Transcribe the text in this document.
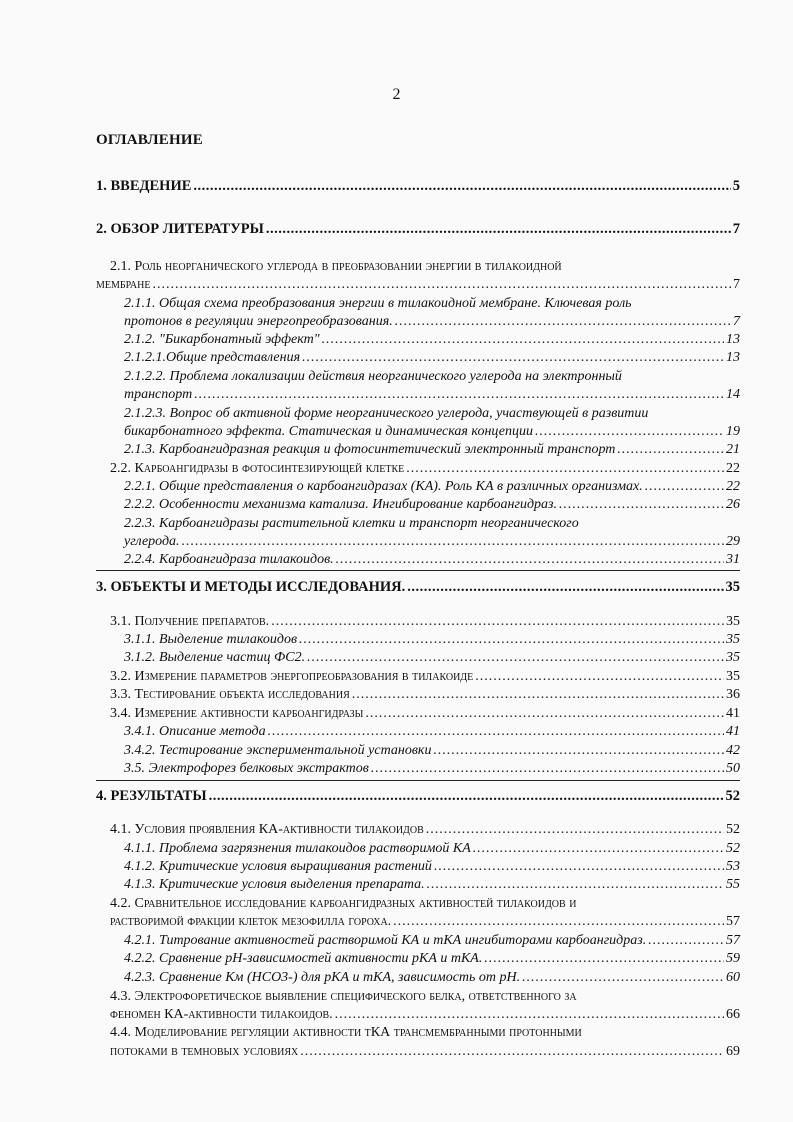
2
ОГЛАВЛЕНИЕ
1. ВВЕДЕНИЕ .....	5
2. ОБЗОР ЛИТЕРАТУРЫ .....	7
2.1. Роль неорганического углерода в преобразовании энергии в тилакоидной
мембране .....	7
2.1.1. Общая схема преобразования энергии в тилакоидной мембране. Ключевая роль
протонов в регуляции энергопреобразования. .....	7
2.1.2. "Бикарбонатный эффект" .....	13
2.1.2.1.Общие представления .....	13
2.1.2.2. Проблема локализации действия неорганического углерода на электронный
транспорт .....	14
2.1.2.3. Вопрос об активной форме неорганического углерода, участвующей в развитии
бикарбонатного эффекта. Статическая и динамическая концепции .....	19
2.1.3. Карбоангидразная реакция и фотосинтетический электронный транспорт .....	21
2.2. Карбоангидразы в фотосинтезирующей клетке .....	22
2.2.1. Общие представления о карбоангидразах (КА). Роль КА в различных организмах. .....	22
2.2.2. Особенности механизма катализа. Ингибирование карбоангидраз. .....	26
2.2.3. Карбоангидразы растительной клетки и транспорт неорганического
углерода. .....	29
2.2.4. Карбоангидраза тилакоидов. .....	31
3. ОБЪЕКТЫ И МЕТОДЫ ИССЛЕДОВАНИЯ. .....	35
3.1. Получение препаратов. .....	35
3.1.1. Выделение тилакоидов .....	35
3.1.2. Выделение частиц ФС2. .....	35
3.2. Измерение параметров энергопреобразования в тилакоиде .....	35
3.3. Тестирование объекта исследования .....	36
3.4. Измерение активности карбоангидразы .....	41
3.4.1. Описание метода .....	41
3.4.2. Тестирование экспериментальной установки .....	42
3.5. Электрофорез белковых экстрактов .....	50
4. РЕЗУЛЬТАТЫ .....	52
4.1. Условия проявления КА-активности тилакоидов .....	52
4.1.1. Проблема загрязнения тилакоидов растворимой КА .....	52
4.1.2. Критические условия выращивания растений .....	53
4.1.3. Критические условия выделения препарата. .....	55
4.2. Сравнительное исследование карбоангидразных активностей тилакоидов и
растворимой фракции клеток мезофилла гороха. .....	57
4.2.1. Титрование активностей растворимой КА и тКА ингибиторами карбоангидраз. .....	57
4.2.2. Сравнение рН-зависимостей активности рКА и тКА. .....	59
4.2.3. Сравнение Км (НСО3-) для рКА и тКА, зависимость от рН. .....	60
4.3. Электрофоретическое выявление специфического белка, ответственного за
феномен КА-активности тилакоидов. .....	66
4.4. Моделирование регуляции активности тКА трансмембранными протонными
потоками в темновых условиях .....	69
